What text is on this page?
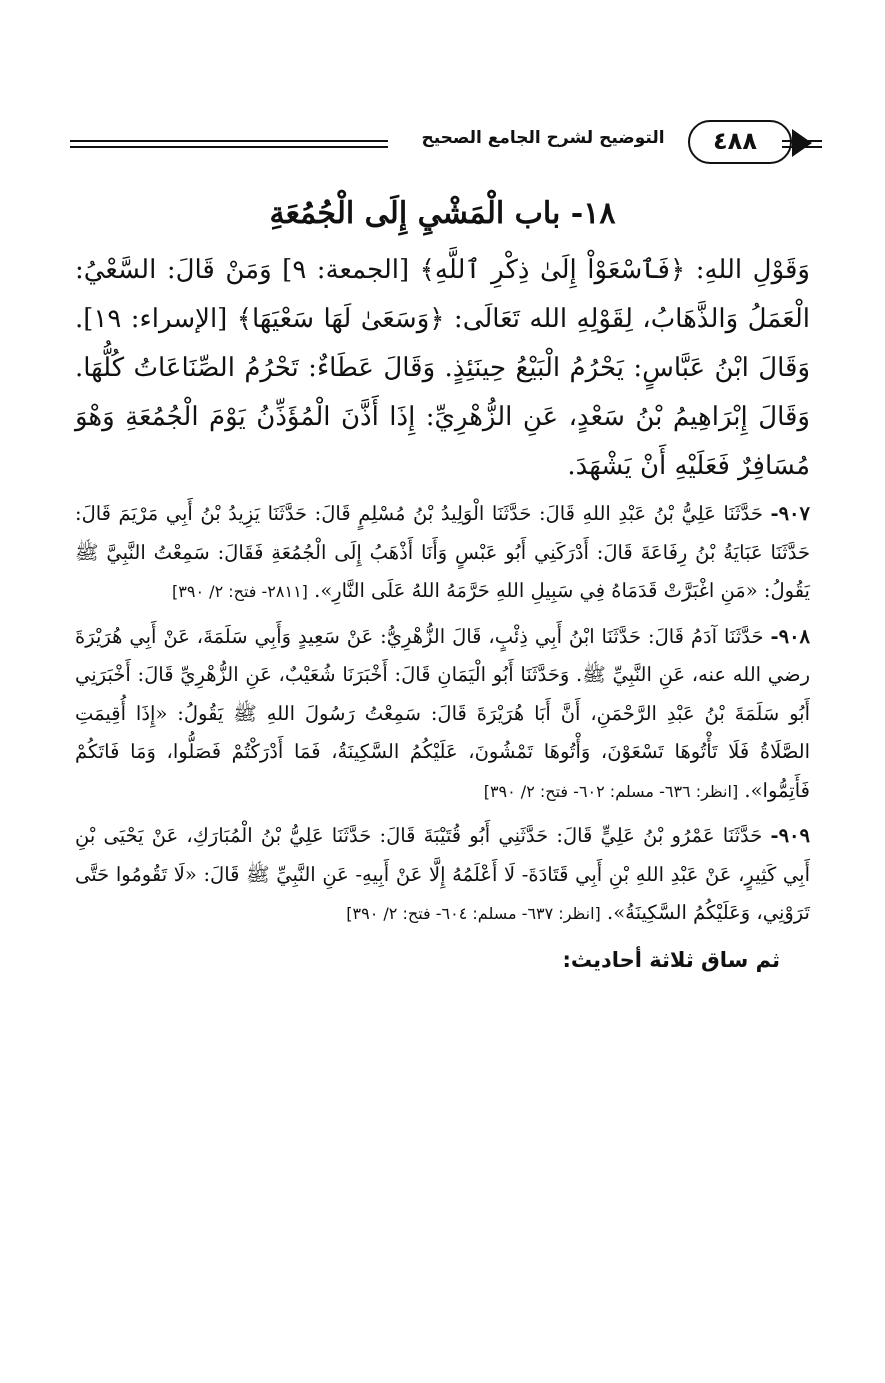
التوضيح لشرح الجامع الصحيح	٤٨٨
١٨- باب الْمَشْيِ إِلَى الْجُمُعَةِ

وَقَوْلِ اللهِ: ﴿فَٱسْعَوْاْ إِلَىٰ ذِكْرِ ٱللَّهِ﴾ [الجمعة: ٩] وَمَنْ قَالَ: السَّعْيُ: الْعَمَلُ وَالذَّهَابُ، لِقَوْلِهِ الله تَعَالَى: ﴿وَسَعَىٰ لَهَا سَعْيَهَا﴾ [الإسراء: ١٩]. وَقَالَ ابْنُ عَبَّاسٍ: يَحْرُمُ الْبَيْعُ حِينَئِذٍ. وَقَالَ عَطَاءٌ: تَحْرُمُ الصِّنَاعَاتُ كُلُّهَا. وَقَالَ إِبْرَاهِيمُ بْنُ سَعْدٍ، عَنِ الزُّهْرِيِّ: إِذَا أَذَّنَ الْمُؤَذِّنُ يَوْمَ الْجُمُعَةِ وَهْوَ مُسَافِرٌ فَعَلَيْهِ أَنْ يَشْهَدَ.

٩٠٧- حَدَّثَنَا عَلِيُّ بْنُ عَبْدِ اللهِ قَالَ: حَدَّثَنَا الْوَلِيدُ بْنُ مُسْلِمٍ قَالَ: حَدَّثَنَا يَزِيدُ بْنُ أَبِي مَرْيَمَ قَالَ: حَدَّثَنَا عَبَايَةُ بْنُ رِفَاعَةَ قَالَ: أَدْرَكَنِي أَبُو عَبْسٍ وَأَنَا أَذْهَبُ إِلَى الْجُمُعَةِ فَقَالَ: سَمِعْتُ النَّبِيَّ ﷺ يَقُولُ: «مَنِ اغْبَرَّتْ قَدَمَاهُ فِي سَبِيلِ اللهِ حَرَّمَهُ اللهُ عَلَى النَّارِ». [٢٨١١- فتح: ٢/ ٣٩٠]

٩٠٨- حَدَّثَنَا آدَمُ قَالَ: حَدَّثَنَا ابْنُ أَبِي ذِئْبٍ، قَالَ الزُّهْرِيُّ: عَنْ سَعِيدٍ وَأَبِي سَلَمَةَ، عَنْ أَبِي هُرَيْرَةَ رضي الله عنه، عَنِ النَّبِيِّ ﷺ. وَحَدَّثَنَا أَبُو الْيَمَانِ قَالَ: أَخْبَرَنَا شُعَيْبٌ، عَنِ الزُّهْرِيِّ قَالَ: أَخْبَرَنِي أَبُو سَلَمَةَ بْنُ عَبْدِ الرَّحْمَنِ، أَنَّ أَبَا هُرَيْرَةَ قَالَ: سَمِعْتُ رَسُولَ اللهِ ﷺ يَقُولُ: «إِذَا أُقِيمَتِ الصَّلَاةُ فَلَا تَأْتُوهَا تَسْعَوْنَ، وَأْتُوهَا تَمْشُونَ، عَلَيْكُمُ السَّكِينَةُ، فَمَا أَدْرَكْتُمْ فَصَلُّوا، وَمَا فَاتَكُمْ فَأَتِمُّوا». [انظر: ٦٣٦- مسلم: ٦٠٢- فتح: ٢/ ٣٩٠]

٩٠٩- حَدَّثَنَا عَمْرُو بْنُ عَلِيٍّ قَالَ: حَدَّثَنِي أَبُو قُتَيْبَةَ قَالَ: حَدَّثَنَا عَلِيُّ بْنُ الْمُبَارَكِ، عَنْ يَحْيَى بْنِ أَبِي كَثِيرٍ، عَنْ عَبْدِ اللهِ بْنِ أَبِي قَتَادَةَ- لَا أَعْلَمُهُ إِلَّا عَنْ أَبِيهِ- عَنِ النَّبِيِّ ﷺ قَالَ: «لَا تَقُومُوا حَتَّى تَرَوْنِي، وَعَلَيْكُمُ السَّكِينَةُ». [انظر: ٦٣٧- مسلم: ٦٠٤- فتح: ٢/ ٣٩٠]

ثم ساق ثلاثة أحاديث:
